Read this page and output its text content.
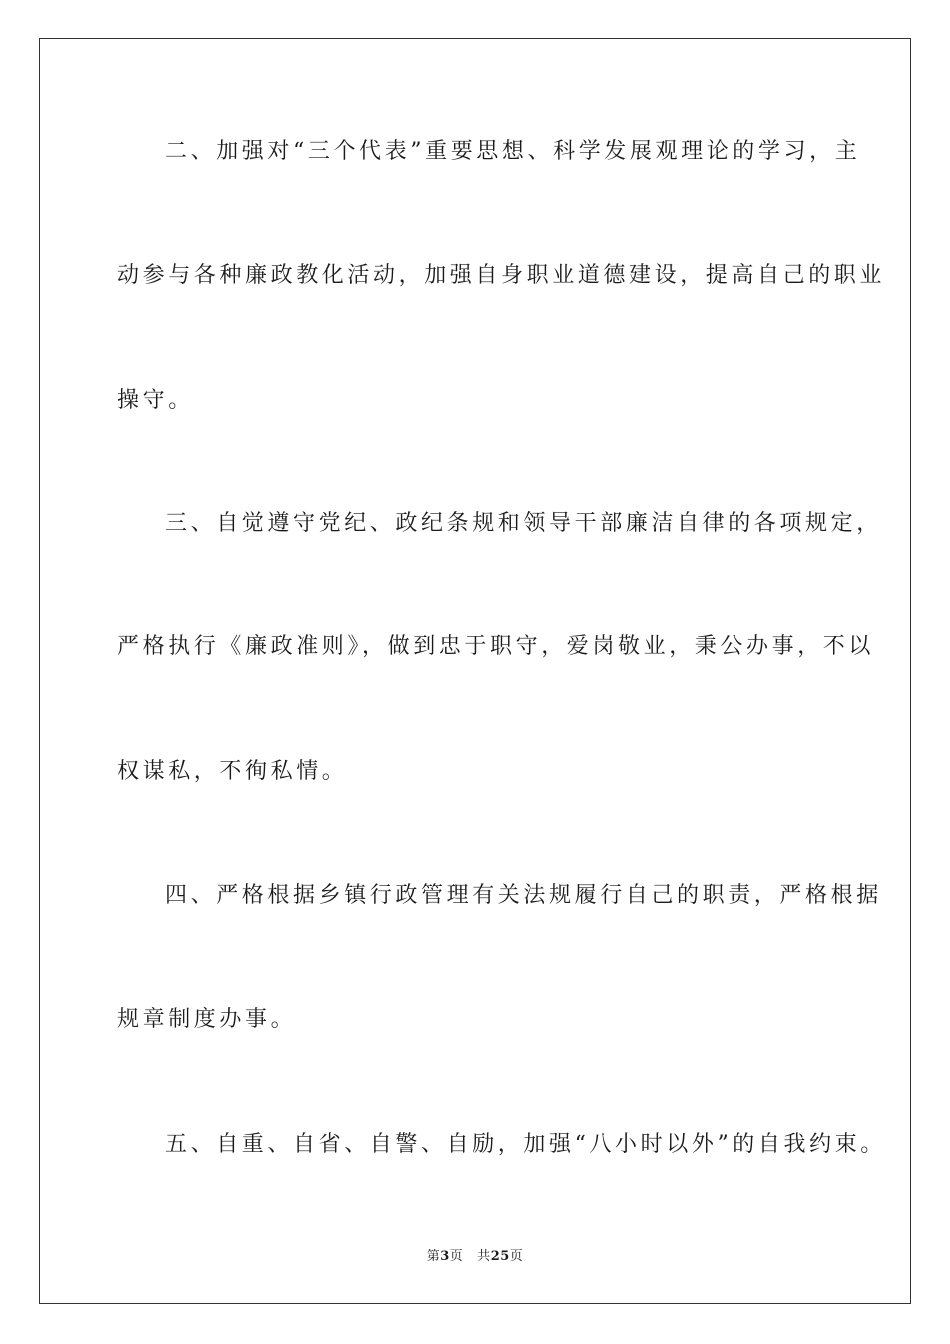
二、加强对“三个代表”重要思想、科学发展观理论的学习，主
动参与各种廉政教化活动，加强自身职业道德建设，提高自己的职业
操守。
三、自觉遵守党纪、政纪条规和领导干部廉洁自律的各项规定，
严格执行《廉政准则》，做到忠于职守，爱岗敬业，秉公办事，不以
权谋私，不徇私情。
四、严格根据乡镇行政管理有关法规履行自己的职责，严格根据
规章制度办事。
五、自重、自省、自警、自励，加强“八小时以外”的自我约束。
第3页 共25页
